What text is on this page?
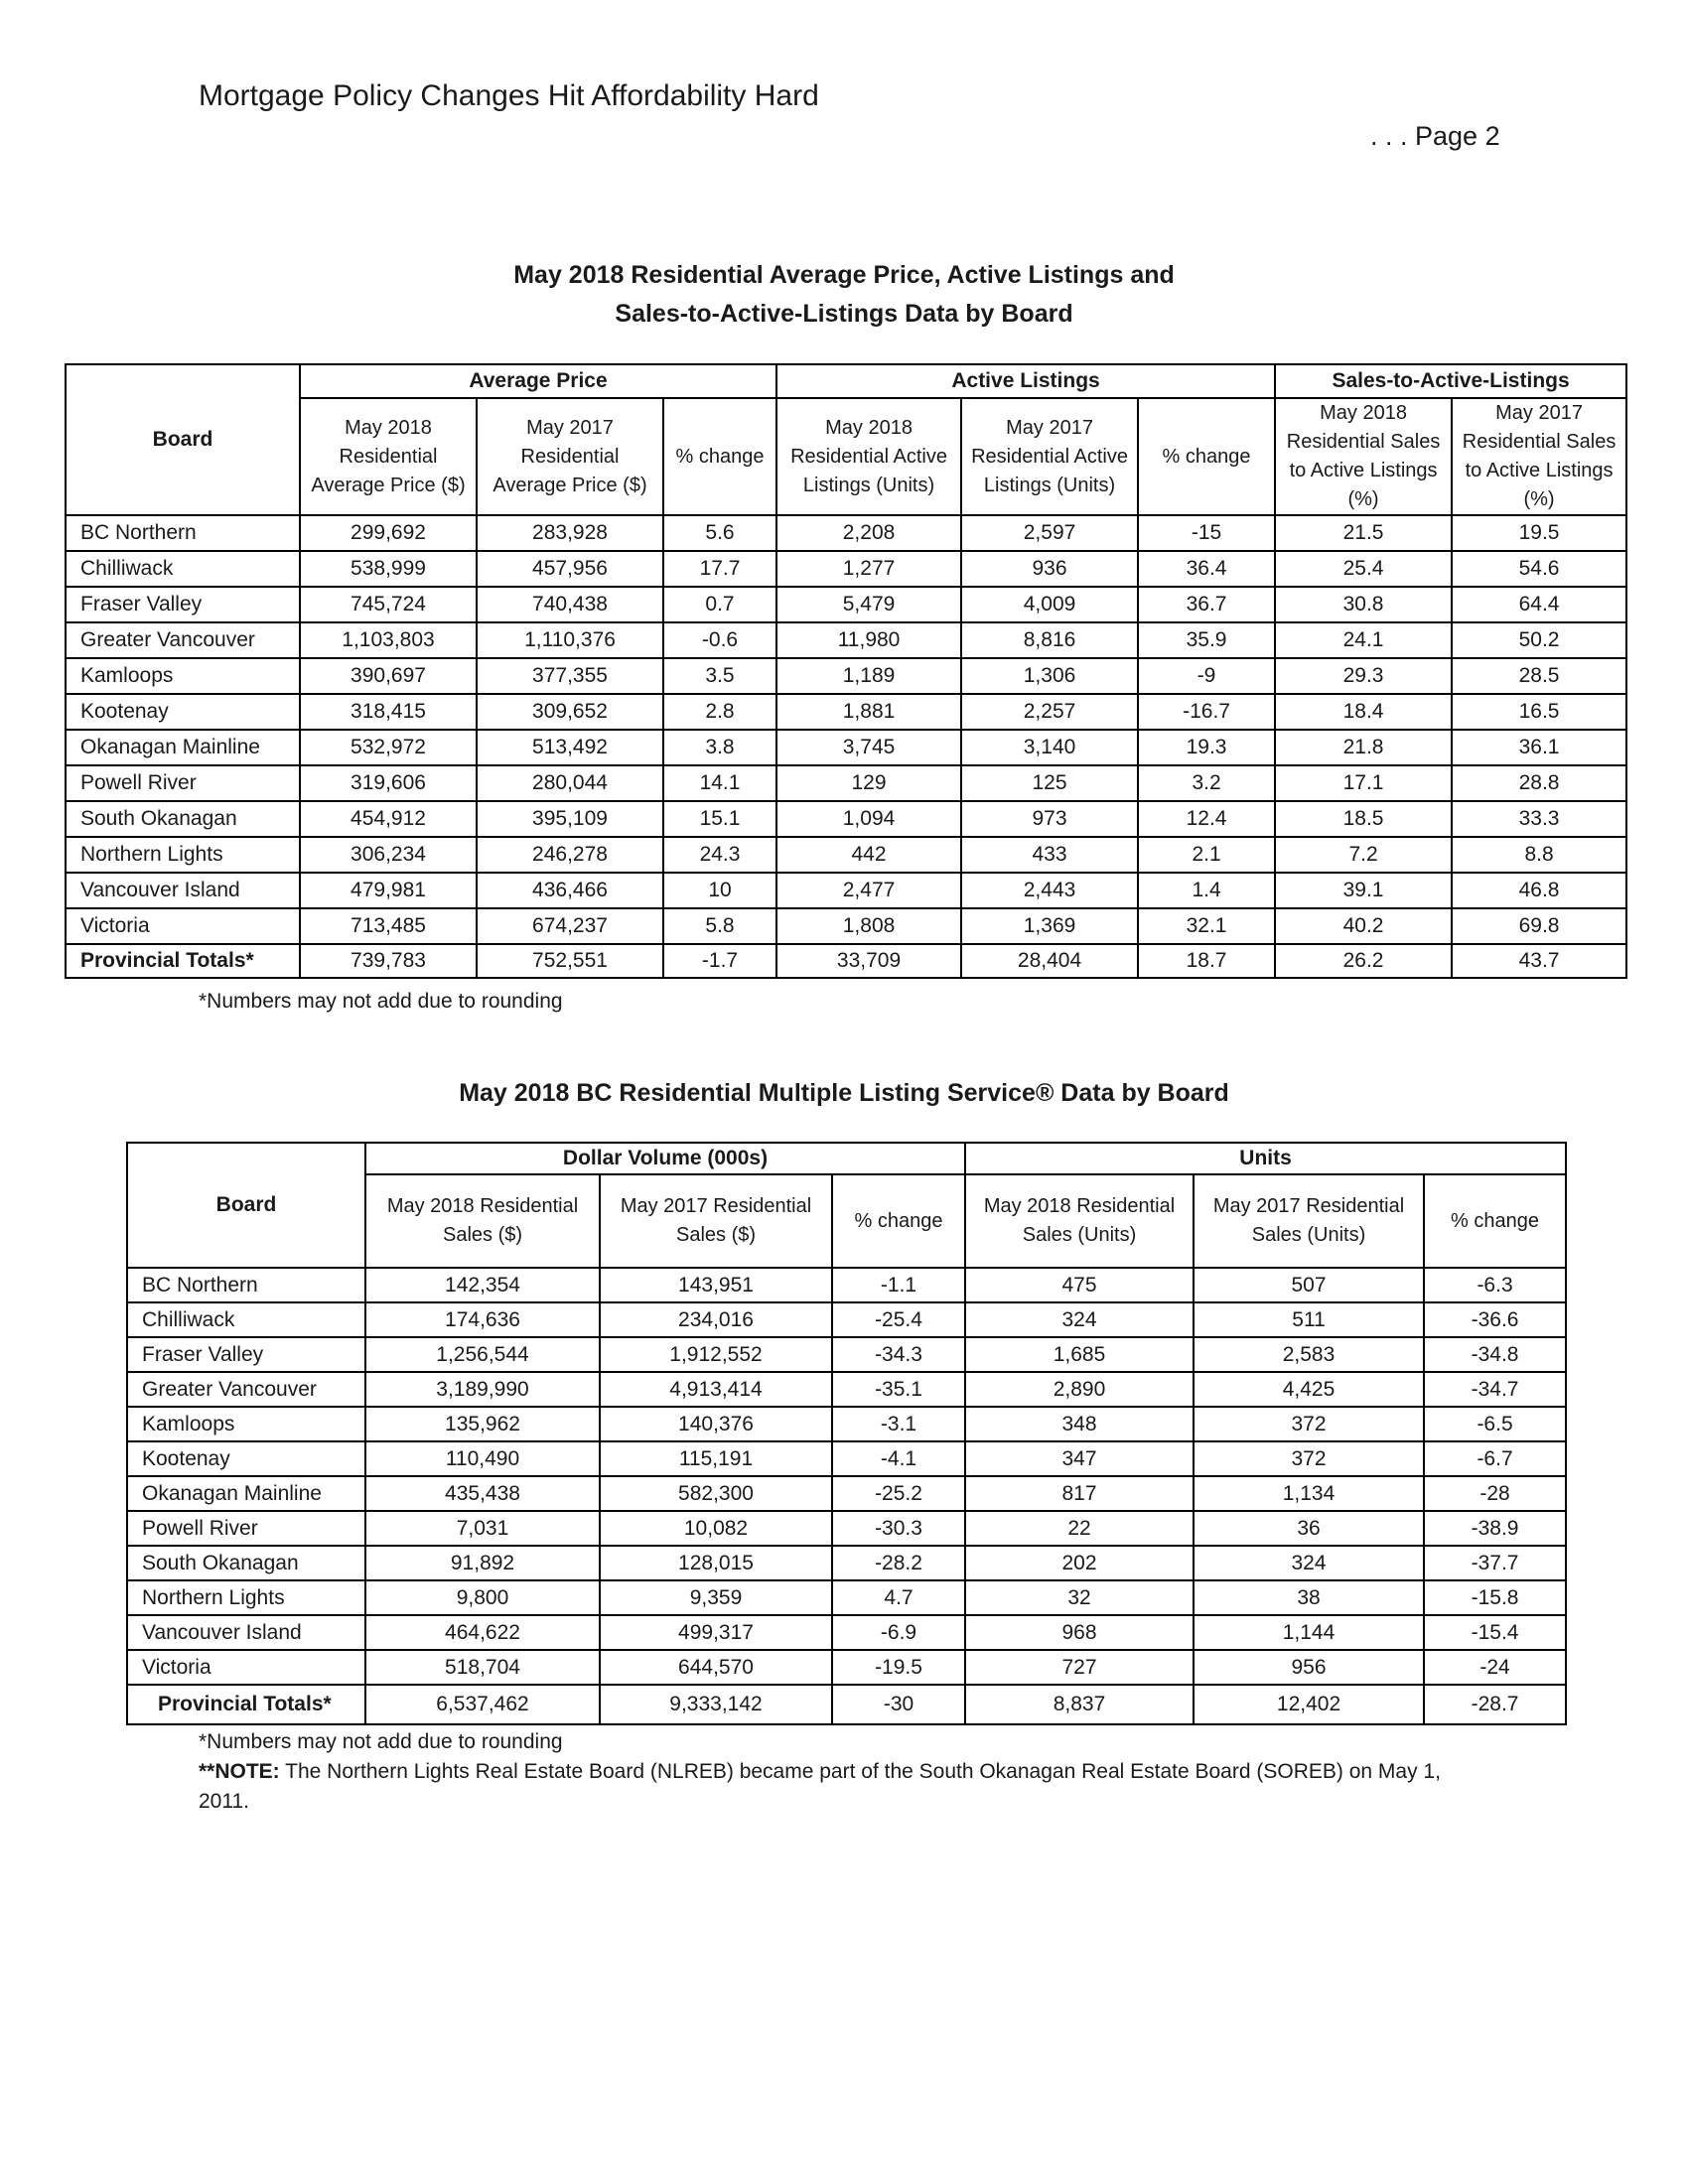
Mortgage Policy Changes Hit Affordability Hard
. . . Page 2
May 2018 Residential Average Price, Active Listings and
Sales-to-Active-Listings Data by Board
Board	Average Price			Active Listings			Sales-to-Active-Listings	
	May 2018 Residential Average Price ($)	May 2017 Residential Average Price ($)	% change	May 2018 Residential Active Listings (Units)	May 2017 Residential Active Listings (Units)	% change	May 2018 Residential Sales to Active Listings (%)	May 2017 Residential Sales to Active Listings (%)
BC Northern	299,692	283,928	5.6	2,208	2,597	-15	21.5	19.5
Chilliwack	538,999	457,956	17.7	1,277	936	36.4	25.4	54.6
Fraser Valley	745,724	740,438	0.7	5,479	4,009	36.7	30.8	64.4
Greater Vancouver	1,103,803	1,110,376	-0.6	11,980	8,816	35.9	24.1	50.2
Kamloops	390,697	377,355	3.5	1,189	1,306	-9	29.3	28.5
Kootenay	318,415	309,652	2.8	1,881	2,257	-16.7	18.4	16.5
Okanagan Mainline	532,972	513,492	3.8	3,745	3,140	19.3	21.8	36.1
Powell River	319,606	280,044	14.1	129	125	3.2	17.1	28.8
South Okanagan	454,912	395,109	15.1	1,094	973	12.4	18.5	33.3
Northern Lights	306,234	246,278	24.3	442	433	2.1	7.2	8.8
Vancouver Island	479,981	436,466	10	2,477	2,443	1.4	39.1	46.8
Victoria	713,485	674,237	5.8	1,808	1,369	32.1	40.2	69.8
Provincial Totals*	739,783	752,551	-1.7	33,709	28,404	18.7	26.2	43.7
*Numbers may not add due to rounding
May 2018 BC Residential Multiple Listing Service® Data by Board
Board	Dollar Volume (000s)			Units		
	May 2018 Residential Sales ($)	May 2017 Residential Sales ($)	% change	May 2018 Residential Sales (Units)	May 2017 Residential Sales (Units)	% change
BC Northern	142,354	143,951	-1.1	475	507	-6.3
Chilliwack	174,636	234,016	-25.4	324	511	-36.6
Fraser Valley	1,256,544	1,912,552	-34.3	1,685	2,583	-34.8
Greater Vancouver	3,189,990	4,913,414	-35.1	2,890	4,425	-34.7
Kamloops	135,962	140,376	-3.1	348	372	-6.5
Kootenay	110,490	115,191	-4.1	347	372	-6.7
Okanagan Mainline	435,438	582,300	-25.2	817	1,134	-28
Powell River	7,031	10,082	-30.3	22	36	-38.9
South Okanagan	91,892	128,015	-28.2	202	324	-37.7
Northern Lights	9,800	9,359	4.7	32	38	-15.8
Vancouver Island	464,622	499,317	-6.9	968	1,144	-15.4
Victoria	518,704	644,570	-19.5	727	956	-24
Provincial Totals*	6,537,462	9,333,142	-30	8,837	12,402	-28.7
*Numbers may not add due to rounding
**NOTE: The Northern Lights Real Estate Board (NLREB) became part of the South Okanagan Real Estate Board (SOREB) on May 1, 2011.
